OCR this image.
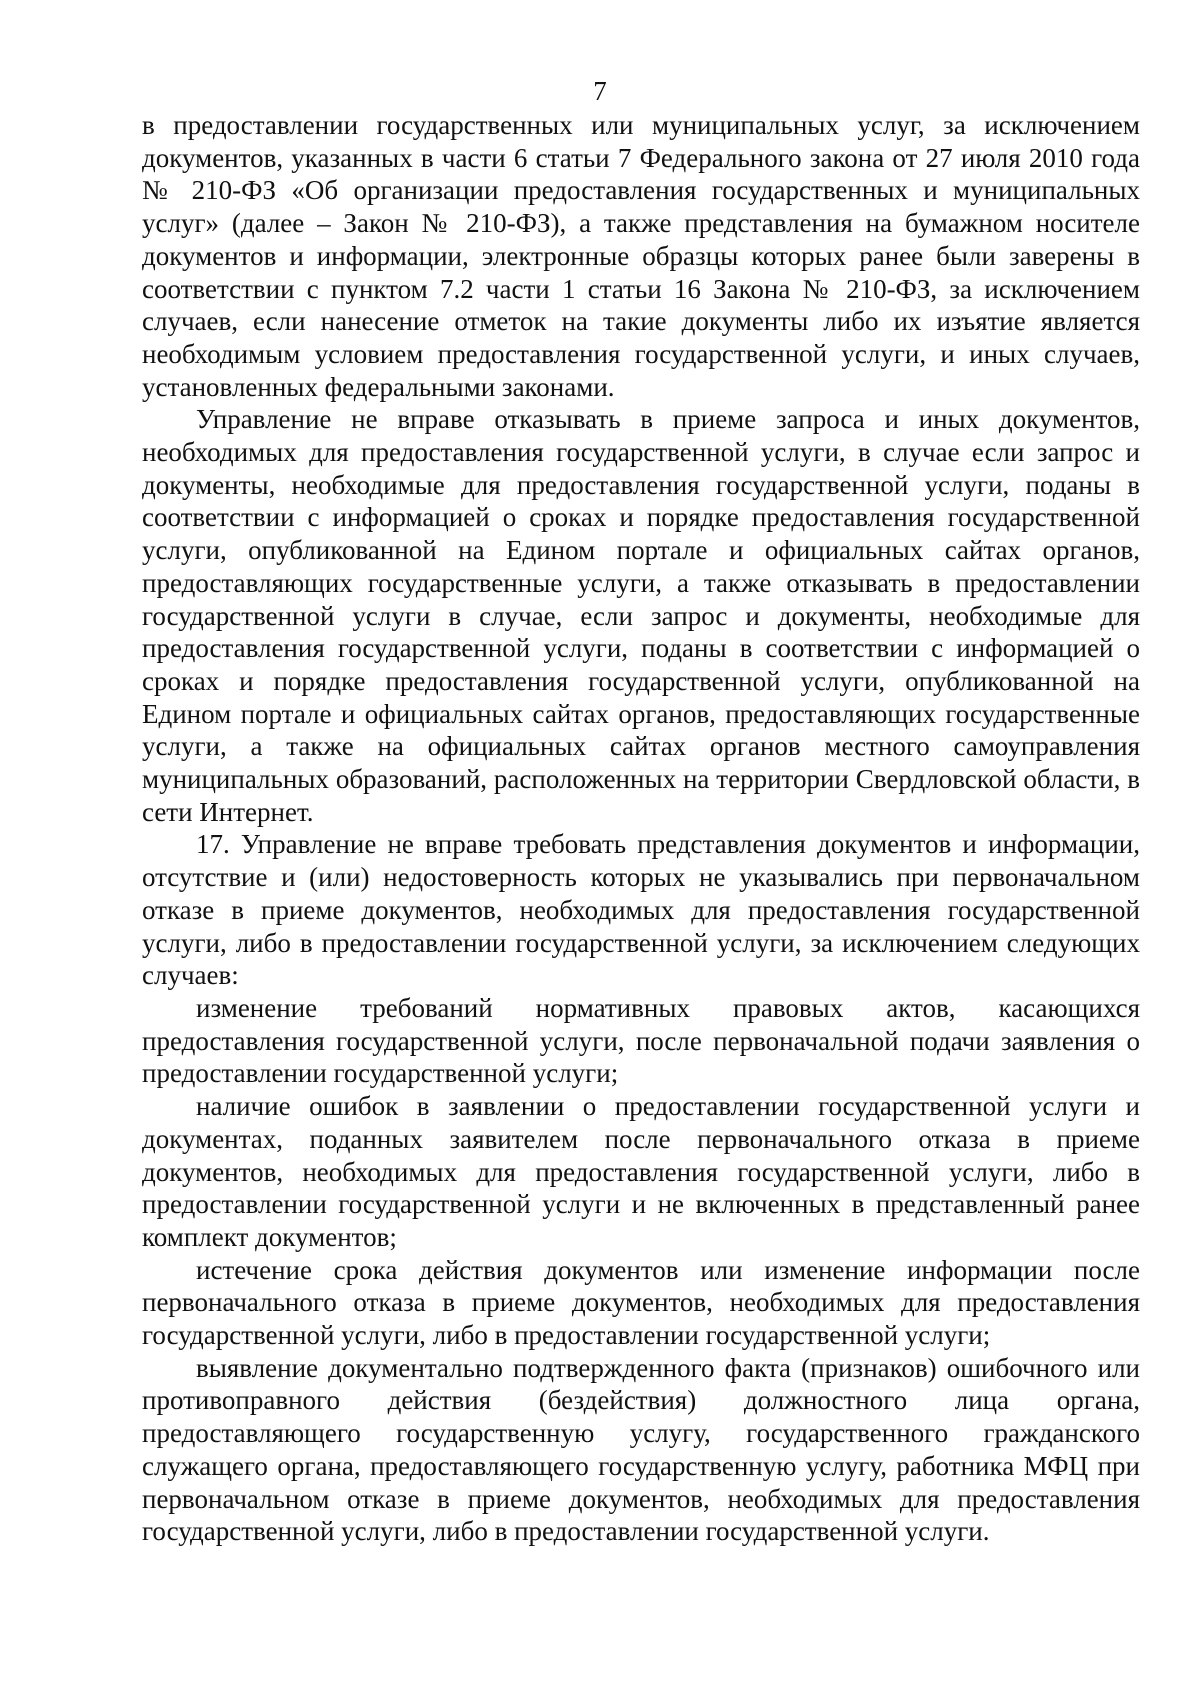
7

в предоставлении государственных или муниципальных услуг, за исключением документов, указанных в части 6 статьи 7 Федерального закона от 27 июля 2010 года № 210-ФЗ «Об организации предоставления государственных и муниципальных услуг» (далее – Закон № 210-ФЗ), а также представления на бумажном носителе документов и информации, электронные образцы которых ранее были заверены в соответствии с пунктом 7.2 части 1 статьи 16 Закона № 210-ФЗ, за исключением случаев, если нанесение отметок на такие документы либо их изъятие является необходимым условием предоставления государственной услуги, и иных случаев, установленных федеральными законами.

Управление не вправе отказывать в приеме запроса и иных документов, необходимых для предоставления государственной услуги, в случае если запрос и документы, необходимые для предоставления государственной услуги, поданы в соответствии с информацией о сроках и порядке предоставления государственной услуги, опубликованной на Едином портале и официальных сайтах органов, предоставляющих государственные услуги, а также отказывать в предоставлении государственной услуги в случае, если запрос и документы, необходимые для предоставления государственной услуги, поданы в соответствии с информацией о сроках и порядке предоставления государственной услуги, опубликованной на Едином портале и официальных сайтах органов, предоставляющих государственные услуги, а также на официальных сайтах органов местного самоуправления муниципальных образований, расположенных на территории Свердловской области, в сети Интернет.

17. Управление не вправе требовать представления документов и информации, отсутствие и (или) недостоверность которых не указывались при первоначальном отказе в приеме документов, необходимых для предоставления государственной услуги, либо в предоставлении государственной услуги, за исключением следующих случаев:

изменение требований нормативных правовых актов, касающихся предоставления государственной услуги, после первоначальной подачи заявления о предоставлении государственной услуги;

наличие ошибок в заявлении о предоставлении государственной услуги и документах, поданных заявителем после первоначального отказа в приеме документов, необходимых для предоставления государственной услуги, либо в предоставлении государственной услуги и не включенных в представленный ранее комплект документов;

истечение срока действия документов или изменение информации после первоначального отказа в приеме документов, необходимых для предоставления государственной услуги, либо в предоставлении государственной услуги;

выявление документально подтвержденного факта (признаков) ошибочного или противоправного действия (бездействия) должностного лица органа, предоставляющего государственную услугу, государственного гражданского служащего органа, предоставляющего государственную услугу, работника МФЦ при первоначальном отказе в приеме документов, необходимых для предоставления государственной услуги, либо в предоставлении государственной услуги.
